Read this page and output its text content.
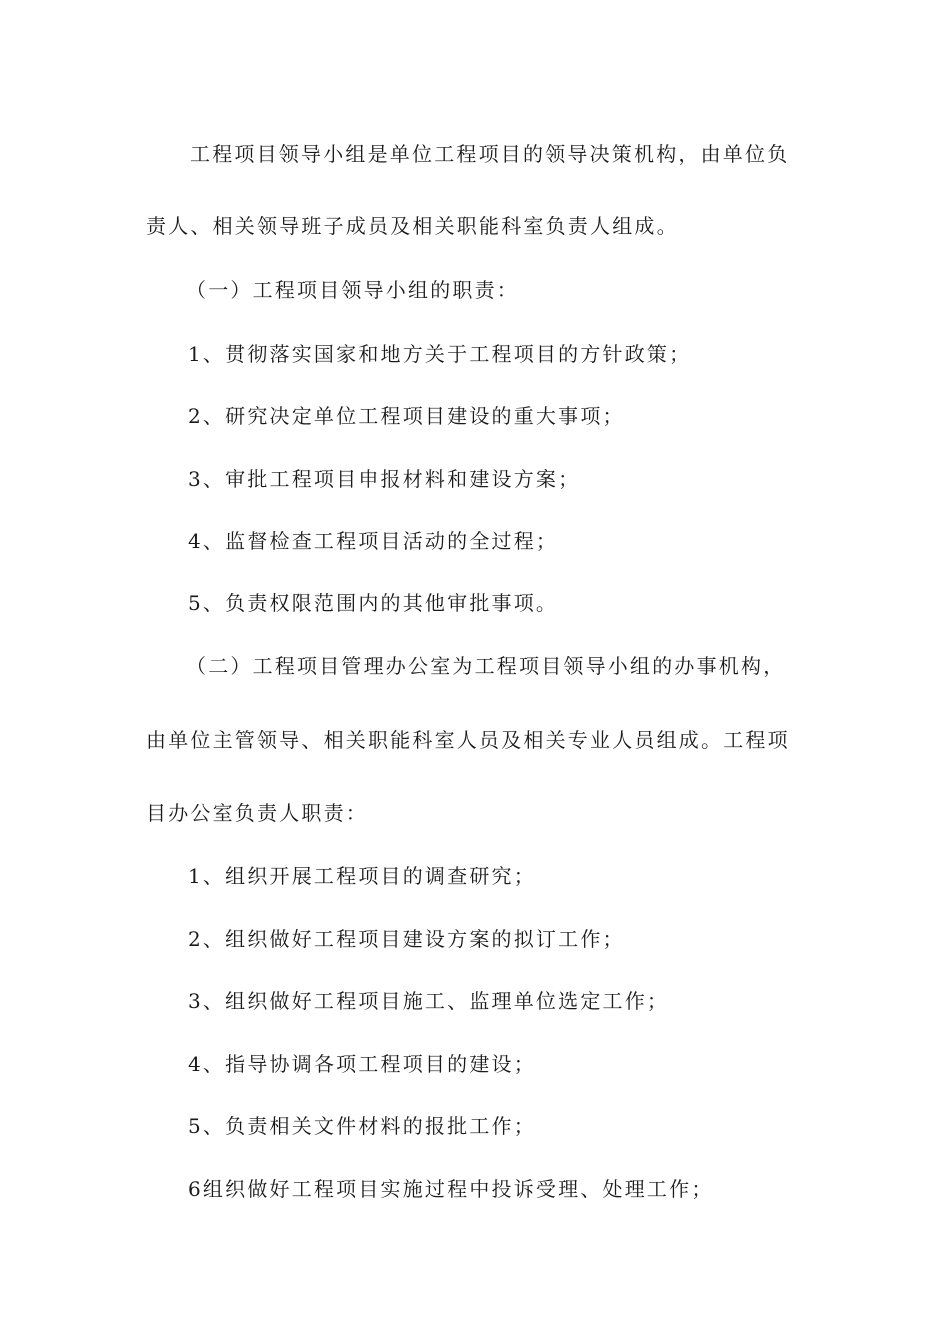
工程项目领导小组是单位工程项目的领导决策机构，由单位负

责人、相关领导班子成员及相关职能科室负责人组成。

（一）工程项目领导小组的职责：

1、贯彻落实国家和地方关于工程项目的方针政策；

2、研究决定单位工程项目建设的重大事项；

3、审批工程项目申报材料和建设方案；

4、监督检查工程项目活动的全过程；

5、负责权限范围内的其他审批事项。

（二）工程项目管理办公室为工程项目领导小组的办事机构，

由单位主管领导、相关职能科室人员及相关专业人员组成。工程项

目办公室负责人职责：

1、组织开展工程项目的调查研究；

2、组织做好工程项目建设方案的拟订工作；

3、组织做好工程项目施工、监理单位选定工作；

4、指导协调各项工程项目的建设；

5、负责相关文件材料的报批工作；

6组织做好工程项目实施过程中投诉受理、处理工作；
